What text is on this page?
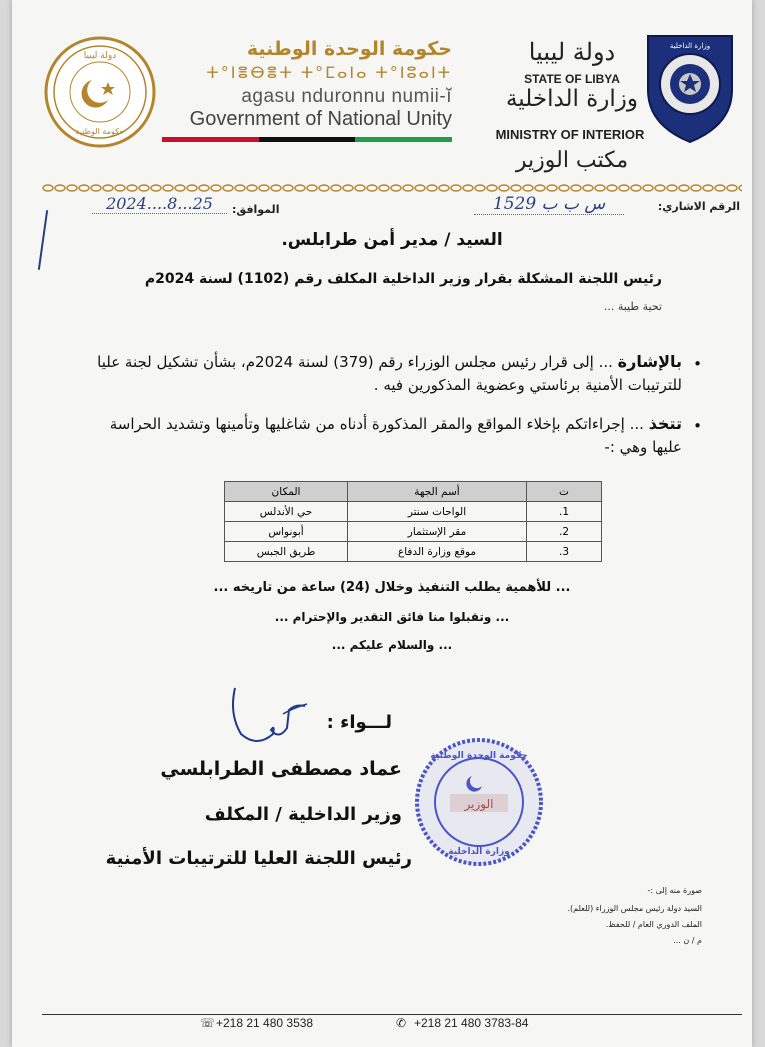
دولة ليبيا
حكومة الوطنية
حكومة الوحدة الوطنية
ⵜ°ⵏⴻⴱⴻⵜ ⵜ°ⵎⴰⵏⴰ ⵜ°ⵏⵓⴰⵏⵜ
agasu nduronnu numii-ĭ
Government of National Unity
دولة ليبيا
STATE OF LIBYA
وزارة الداخلية
MINISTRY OF INTERIOR
مكتب الوزير
وزارة الداخلية
الرقم الاشاري:
1529 س ب ب
الموافق:
2024....8...25
السيد / مدير أمن طرابلس.
رئيس اللجنة المشكلة بقرار وزير الداخلية المكلف رقم (1102) لسنة 2024م
تحية طيبة ...
•
بالإشارة ... إلى قرار رئيس مجلس الوزراء رقم (379) لسنة 2024م، بشأن تشكيل لجنة عليا للترتيبات الأمنية برئاستي وعضوية المذكورين فيه .
•
تتخذ ... إجراءاتكم بإخلاء المواقع والمقر المذكورة أدناه من شاغليها وتأمينها وتشديد الحراسة عليها وهي :-
ت	أسم الجهة	المكان
1.	الواحات سنتر	حي الأندلس
2.	مقر الإستثمار	أبونواس
3.	موقع وزارة الدفاع	طريق الجبس
... للأهمية يطلب التنفيذ وخلال (24) ساعة من تاريخه ...
... وتقبلوا منا فائق التقدير والإحترام ...
... والسلام عليكم ...
لـــواء :
عماد مصطفى الطرابلسي
وزير الداخلية / المكلف
رئيس اللجنة العليا للترتيبات الأمنية
الوزير
حكومة الوحدة الوطنية
وزارة الداخلية
صورة منه إلى :-
السيد دولة رئيس مجلس الوزراء (للعلم).
الملف الدوري العام / للحفظ.
م / ن ...
☏ +218 21 480 3538	✆ +218 21 480 3783-84
